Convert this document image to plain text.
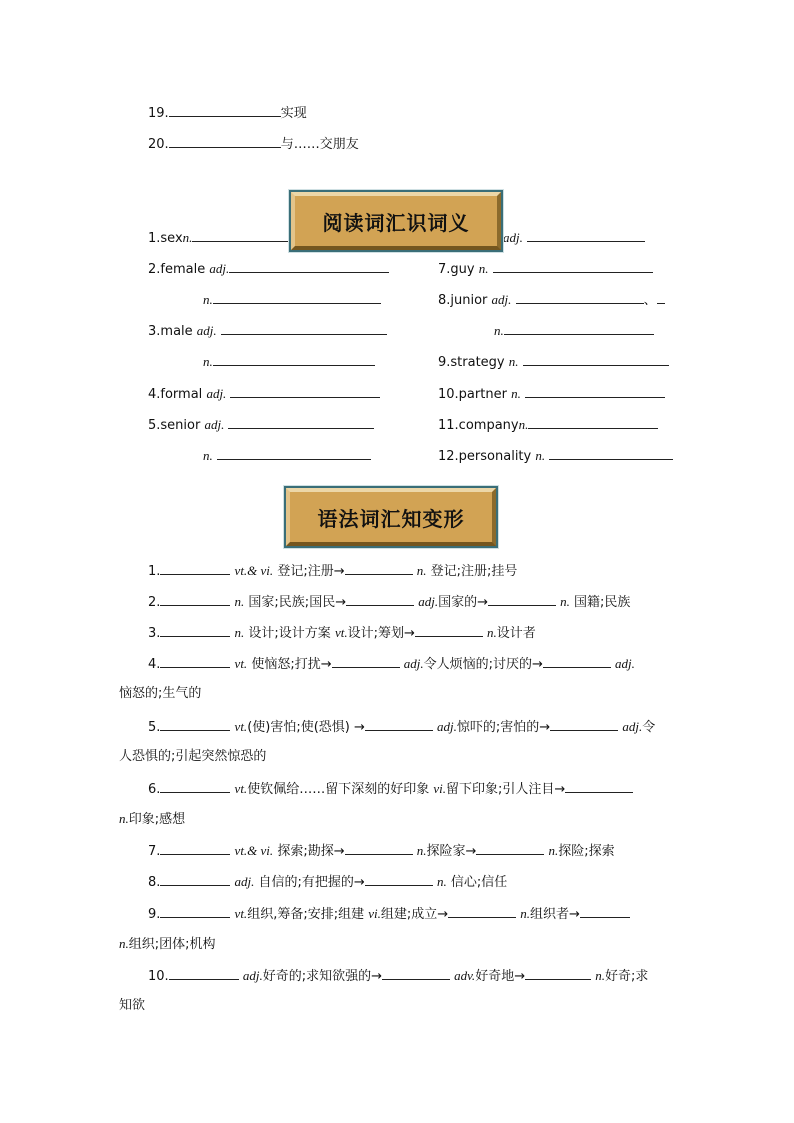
19.	实现
20.	与……交朋友
1.sexn.	adj.
阅读词汇识词义
2.female adj.	7.guy n.
n.	8.junior adj.	、
3.male adj.	n.
n.	9.strategy n.
4.formal adj.	10.partner n.
5.senior adj.	11.companyn.
n.	12.personality n.
语法词汇知变形
1.	vt.& vi. 登记;注册→	n. 登记;注册;挂号
2.	n. 国家;民族;国民→	adj.国家的→	n. 国籍;民族
3.	n. 设计;设计方案 vt.设计;筹划→	n.设计者
4.	vt. 使恼怒;打扰→	adj.令人烦恼的;讨厌的→	adj.
恼怒的;生气的
5.	vt.(使)害怕;使(恐惧) →	adj.惊吓的;害怕的→	adj.令
人恐惧的;引起突然惊恐的
6.	vt.使钦佩给……留下深刻的好印象 vi.留下印象;引人注目→
n.印象;感想
7.	vt.& vi. 探索;勘探→	n.探险家→	n.探险;探索
8.	adj. 自信的;有把握的→	n. 信心;信任
9.	vt.组织,筹备;安排;组建 vi.组建;成立→	n.组织者→
n.组织;团体;机构
10.	adj.好奇的;求知欲强的→	adv.好奇地→	n.好奇;求
知欲
